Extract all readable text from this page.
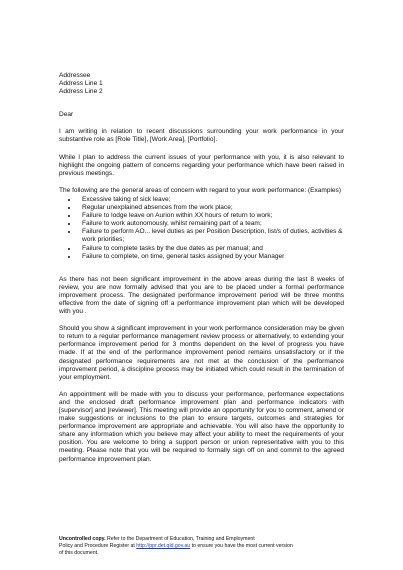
Addressee
Address Line 1
Address Line 2
Dear

I am writing in relation to recent discussions surrounding your work performance in your substantive role as [Role Title], [Work Area], [Portfolio].

While I plan to address the current issues of your performance with you, it is also relevant to highlight the ongoing pattern of concerns regarding your performance which have been raised in previous meetings.

The following are the general areas of concern with regard to your work performance: (Examples)

• Excessive taking of sick leave;
• Regular unexplained absences from the work place;
• Failure to lodge leave on Aurion within XX hours of return to work;
• Failure to work autonomously, whilst remaining part of a team;
• Failure to perform AO... level duties as per Position Description, list/s of duties, activities & work priorities;
• Failure to complete tasks by the due dates as per manual; and
• Failure to complete, on time, general tasks assigned by your Manager

As there has not been significant improvement in the above areas during the last 8 weeks of review, you are now formally advised that you are to be placed under a formal performance improvement process. The designated performance improvement period will be three months effective from the date of signing off a performance improvement plan which will be developed with you .

Should you show a significant improvement in your work performance consideration may be given to return to a regular performance management review process or alternatively, to extending your performance improvement period for 3 months dependent on the level of progress you have made. If at the end of the performance improvement period remains unsatisfactory or if the designated performance requirements are not met at the conclusion of the performance improvement period, a discipline process may be initiated which could result in the termination of your employment.

An appointment will be made with you to discuss your performance, performance expectations and the enclosed draft performance improvement plan and performance indicators with [supervisor] and [reviewer]. This meeting will provide an opportunity for you to comment, amend or make suggestions or inclusions to the plan to ensure targets, outcomes and strategies for performance improvement are appropriate and achievable. You will also have the opportunity to share any information which you believe may affect your ability to meet the requirements of your position. You are welcome to bring a support person or union representative with you to this meeting. Please note that you will be required to formally sign off on and commit to the agreed performance improvement plan.

Uncontrolled copy. Refer to the Department of Education, Training and Employment
Policy and Procedure Register at http://ppr.det.qld.gov.au to ensure you have the most current version
of this document.
